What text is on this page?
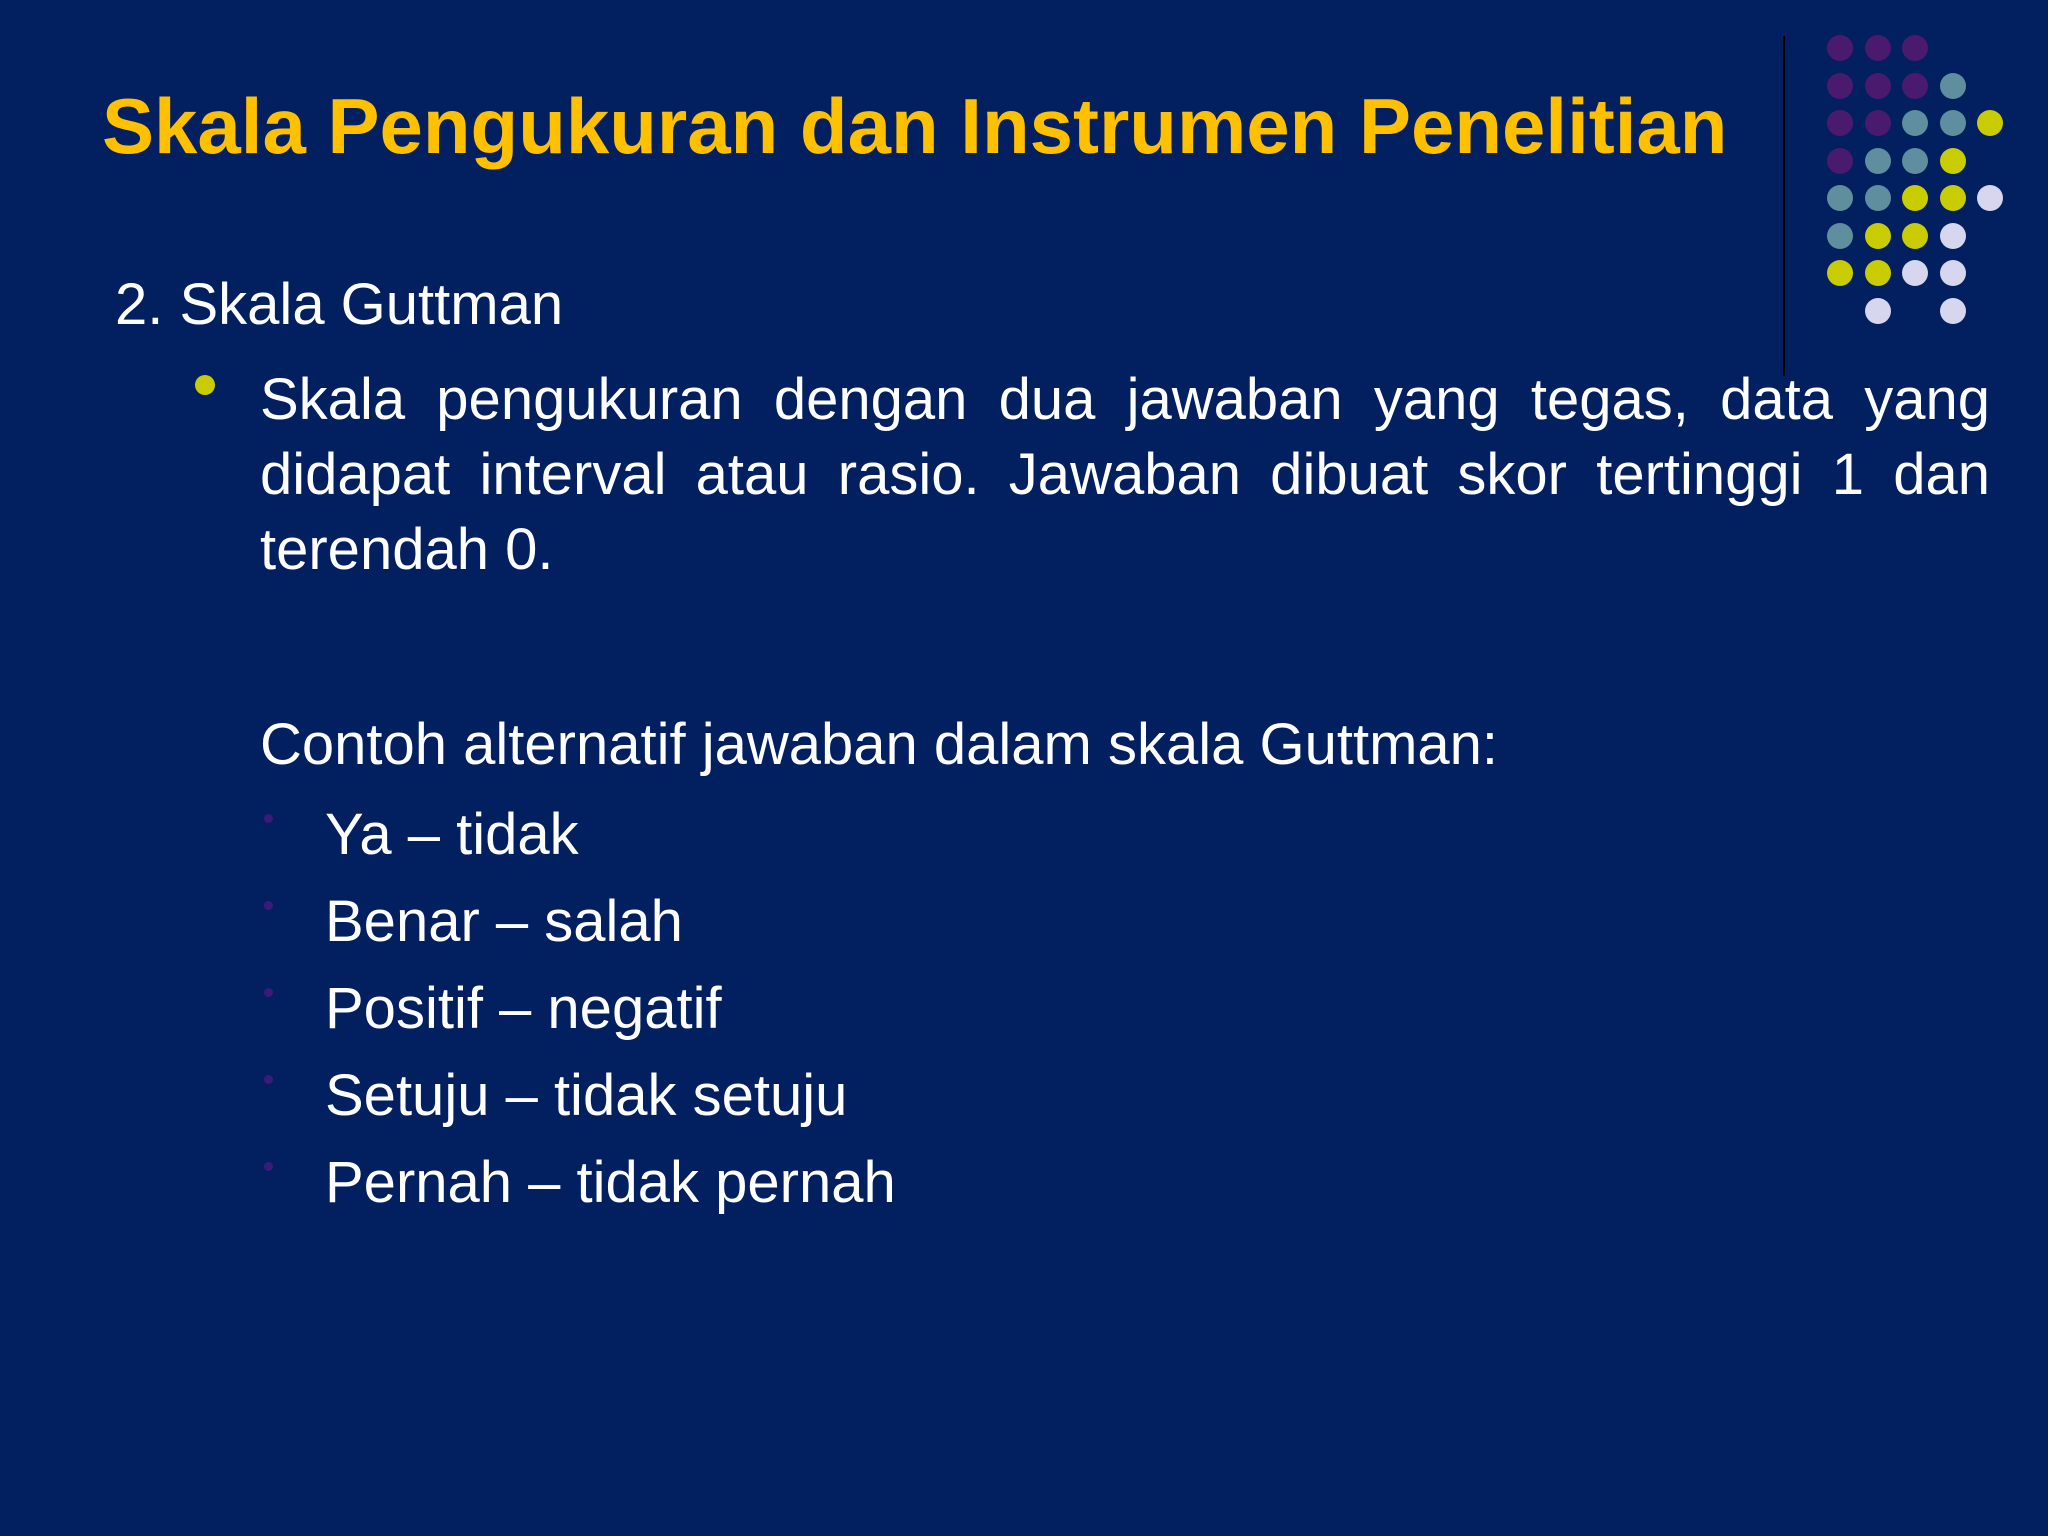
Skala Pengukuran dan Instrumen Penelitian
2. Skala Guttman

Skala pengukuran dengan dua jawaban yang tegas, data yang didapat interval atau rasio. Jawaban dibuat skor tertinggi 1 dan terendah 0.

Contoh alternatif jawaban dalam skala Guttman:
Ya – tidak
Benar – salah
Positif – negatif
Setuju – tidak setuju
Pernah – tidak pernah
